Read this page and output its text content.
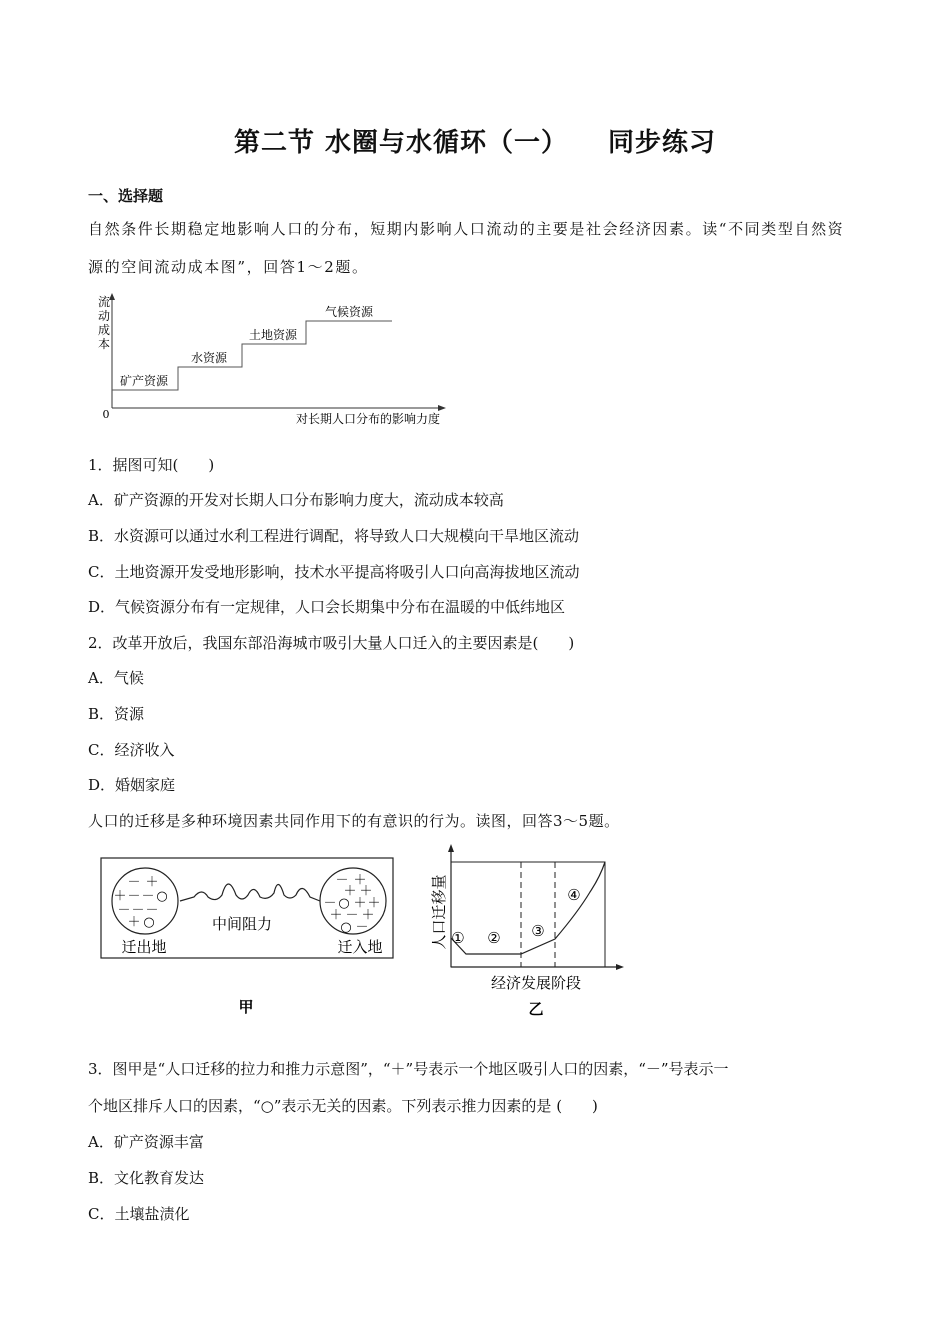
第二节 水圈与水循环（一） 同步练习
一、选择题
自然条件长期稳定地影响人口的分布，短期内影响人口流动的主要是社会经济因素。读“不同类型自然资
源的空间流动成本图”，回答1～2题。
流
动
成
本
0	对长期人口分布的影响力度
矿产资源
水资源
土地资源
气候资源
1．据图可知(　　)
A．矿产资源的开发对长期人口分布影响力度大，流动成本较高
B．水资源可以通过水利工程进行调配，将导致人口大规模向干旱地区流动
C．土地资源开发受地形影响，技术水平提高将吸引人口向高海拔地区流动
D．气候资源分布有一定规律，人口会长期集中分布在温暖的中低纬地区
2．改革开放后，我国东部沿海城市吸引大量人口迁入的主要因素是(　　)
A．气候
B．资源
C．经济收入
D．婚姻家庭
人口的迁移是多种环境因素共同作用下的有意识的行为。读图，回答3～5题。
－ ＋
＋ － － ○
－ － －
＋ ○
－ ＋
＋ ＋
－ ○ ＋ ＋
＋ － ＋
○ －
中间阻力
迁出地	迁入地
甲
人口迁移量 ① ② ③
④
经济发展阶段
乙
3．图甲是“人口迁移的拉力和推力示意图”，“＋”号表示一个地区吸引人口的因素，“－”号表示一
个地区排斥人口的因素，“○”表示无关的因素。下列表示推力因素的是 (　　)
A．矿产资源丰富
B．文化教育发达
C．土壤盐渍化
